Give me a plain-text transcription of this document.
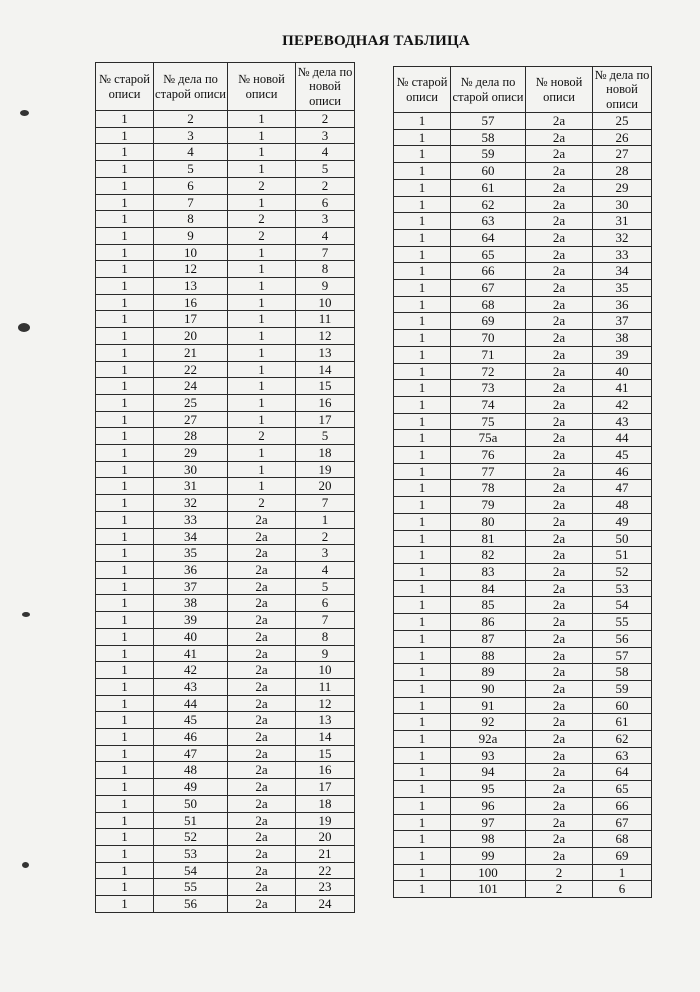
ПЕРЕВОДНАЯ ТАБЛИЦА
№ старой описи	№ дела по старой описи	№ новой описи	№ дела по новой описи
1	2	1	2
1	3	1	3
1	4	1	4
1	5	1	5
1	6	2	2
1	7	1	6
1	8	2	3
1	9	2	4
1	10	1	7
1	12	1	8
1	13	1	9
1	16	1	10
1	17	1	11
1	20	1	12
1	21	1	13
1	22	1	14
1	24	1	15
1	25	1	16
1	27	1	17
1	28	2	5
1	29	1	18
1	30	1	19
1	31	1	20
1	32	2	7
1	33	2а	1
1	34	2а	2
1	35	2а	3
1	36	2а	4
1	37	2а	5
1	38	2а	6
1	39	2а	7
1	40	2а	8
1	41	2а	9
1	42	2а	10
1	43	2а	11
1	44	2а	12
1	45	2а	13
1	46	2а	14
1	47	2а	15
1	48	2а	16
1	49	2а	17
1	50	2а	18
1	51	2а	19
1	52	2а	20
1	53	2а	21
1	54	2а	22
1	55	2а	23
1	56	2а	24
№ старой описи	№ дела по старой описи	№ новой описи	№ дела по новой описи
1	57	2а	25
1	58	2а	26
1	59	2а	27
1	60	2а	28
1	61	2а	29
1	62	2а	30
1	63	2а	31
1	64	2а	32
1	65	2а	33
1	66	2а	34
1	67	2а	35
1	68	2а	36
1	69	2а	37
1	70	2а	38
1	71	2а	39
1	72	2а	40
1	73	2а	41
1	74	2а	42
1	75	2а	43
1	75а	2а	44
1	76	2а	45
1	77	2а	46
1	78	2а	47
1	79	2а	48
1	80	2а	49
1	81	2а	50
1	82	2а	51
1	83	2а	52
1	84	2а	53
1	85	2а	54
1	86	2а	55
1	87	2а	56
1	88	2а	57
1	89	2а	58
1	90	2а	59
1	91	2а	60
1	92	2а	61
1	92а	2а	62
1	93	2а	63
1	94	2а	64
1	95	2а	65
1	96	2а	66
1	97	2а	67
1	98	2а	68
1	99	2а	69
1	100	2	1
1	101	2	6
